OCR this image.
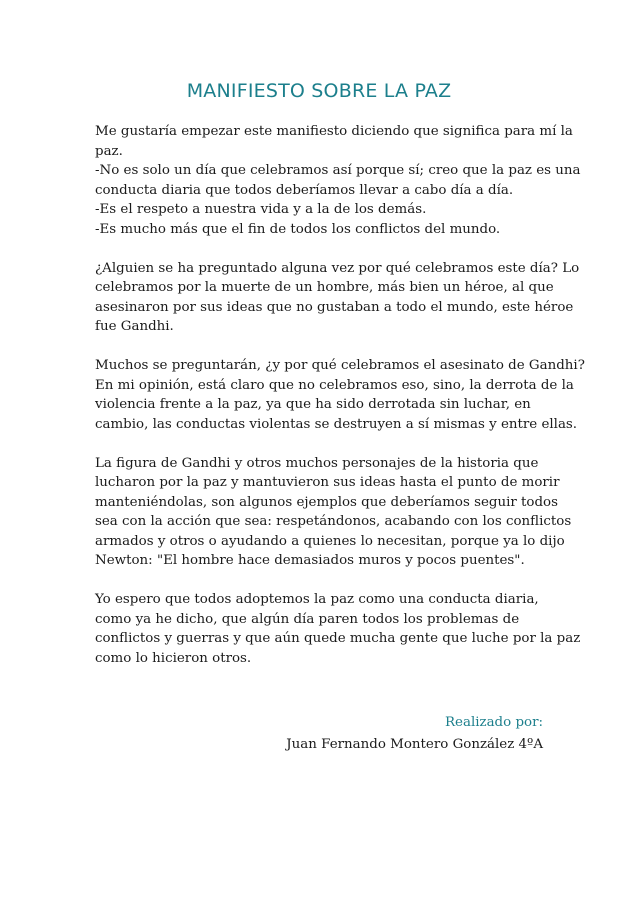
MANIFIESTO SOBRE LA PAZ

Me gustaría empezar este manifiesto diciendo que significa para mí la
paz.
-No es solo un día que celebramos así porque sí; creo que la paz es una
conducta diaria que todos deberíamos llevar a cabo día a día.
-Es el respeto a nuestra vida y a la de los demás.
-Es mucho más que el fin de todos los conflictos del mundo.

¿Alguien se ha preguntado alguna vez por qué celebramos este día? Lo
celebramos por la muerte de un hombre, más bien un héroe, al que
asesinaron por sus ideas que no gustaban a todo el mundo, este héroe
fue Gandhi.

Muchos se preguntarán, ¿y por qué celebramos el asesinato de Gandhi?
En mi opinión, está claro que no celebramos eso, sino, la derrota de la
violencia frente a la paz, ya que ha sido derrotada sin luchar, en
cambio, las conductas violentas se destruyen a sí mismas y entre ellas.

La figura de Gandhi y otros muchos personajes de la historia que
lucharon por la paz y mantuvieron sus ideas hasta el punto de morir
manteniéndolas, son algunos ejemplos que deberíamos seguir todos
sea con la acción que sea: respetándonos, acabando con los conflictos
armados y otros o ayudando a quienes lo necesitan, porque ya lo dijo
Newton: "El hombre hace demasiados muros y pocos puentes".

Yo espero que todos adoptemos la paz como una conducta diaria,
como ya he dicho, que algún día paren todos los problemas de
conflictos y guerras y que aún quede mucha gente que luche por la paz
como lo hicieron otros.

Realizado por:
Juan Fernando Montero González 4ºA
